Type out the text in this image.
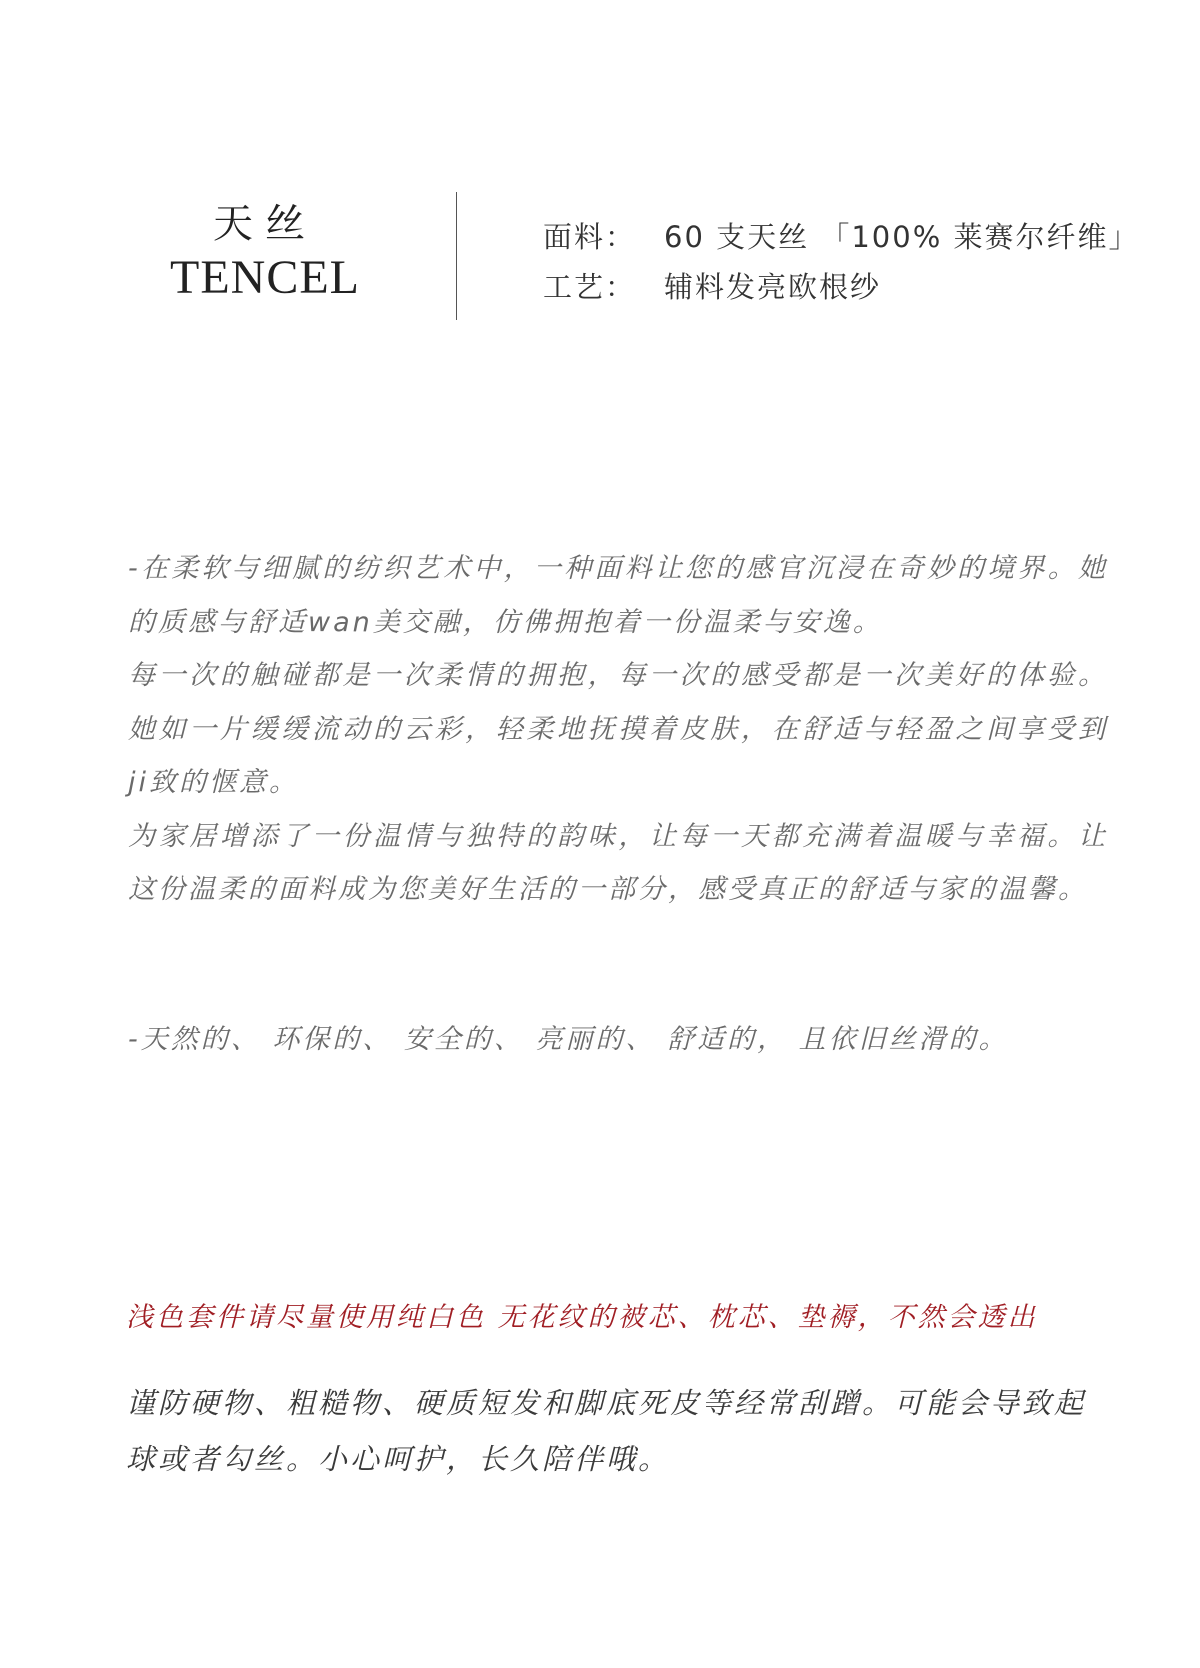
天丝
TENCEL
面料： 60 支天丝 「100% 莱赛尔纤维」
工艺： 辅料发亮欧根纱

-在柔软与细腻的纺织艺术中，一种面料让您的感官沉浸在奇妙的境界。她的质感与舒适wan美交融，仿佛拥抱着一份温柔与安逸。

每一次的触碰都是一次柔情的拥抱，每一次的感受都是一次美好的体验。她如一片缓缓流动的云彩，轻柔地抚摸着皮肤，在舒适与轻盈之间享受到ji致的惬意。

为家居增添了一份温情与独特的韵味，让每一天都充满着温暖与幸福。让这份温柔的面料成为您美好生活的一部分，感受真正的舒适与家的温馨。

-天然的、 环保的、 安全的、 亮丽的、 舒适的， 且依旧丝滑的。
浅色套件请尽量使用纯白色 无花纹的被芯、枕芯、垫褥，不然会透出
谨防硬物、粗糙物、硬质短发和脚底死皮等经常刮蹭。可能会导致起球或者勾丝。小心呵护，长久陪伴哦。
